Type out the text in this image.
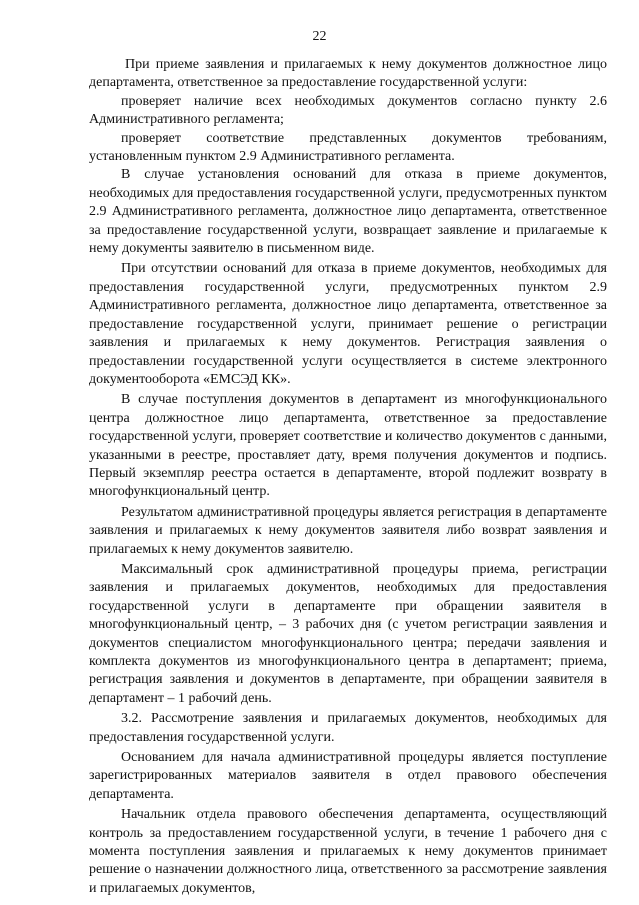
22

При приеме заявления и прилагаемых к нему документов должностное лицо департамента, ответственное за предоставление государственной услуги:

проверяет наличие всех необходимых документов согласно пункту 2.6 Административного регламента;

проверяет соответствие представленных документов требованиям, установленным пунктом 2.9 Административного регламента.

В случае установления оснований для отказа в приеме документов, необходимых для предоставления государственной услуги, предусмотренных пунктом 2.9 Административного регламента, должностное лицо департамента, ответственное за предоставление государственной услуги, возвращает заявление и прилагаемые к нему документы заявителю в письменном виде.

При отсутствии оснований для отказа в приеме документов, необходимых для предоставления государственной услуги, предусмотренных пунктом 2.9 Административного регламента, должностное лицо департамента, ответственное за предоставление государственной услуги, принимает решение о регистрации заявления и прилагаемых к нему документов. Регистрация заявления о предоставлении государственной услуги осуществляется в системе электронного документооборота «ЕМСЭД КК».

В случае поступления документов в департамент из многофункционального центра должностное лицо департамента, ответственное за предоставление государственной услуги, проверяет соответствие и количество документов с данными, указанными в реестре, проставляет дату, время получения документов и подпись. Первый экземпляр реестра остается в департаменте, второй подлежит возврату в многофункциональный центр.

Результатом административной процедуры является регистрация в департаменте заявления и прилагаемых к нему документов заявителя либо возврат заявления и прилагаемых к нему документов заявителю.

Максимальный срок административной процедуры приема, регистрации заявления и прилагаемых документов, необходимых для предоставления государственной услуги в департаменте при обращении заявителя в многофункциональный центр, – 3 рабочих дня (с учетом регистрации заявления и документов специалистом многофункционального центра; передачи заявления и комплекта документов из многофункционального центра в департамент; приема, регистрация заявления и документов в департаменте, при обращении заявителя в департамент – 1 рабочий день.

3.2. Рассмотрение заявления и прилагаемых документов, необходимых для предоставления государственной услуги.

Основанием для начала административной процедуры является поступление зарегистрированных материалов заявителя в отдел правового обеспечения департамента.

Начальник отдела правового обеспечения департамента, осуществляющий контроль за предоставлением государственной услуги, в течение 1 рабочего дня с момента поступления заявления и прилагаемых к нему документов принимает решение о назначении должностного лица, ответственного за рассмотрение заявления и прилагаемых документов,
